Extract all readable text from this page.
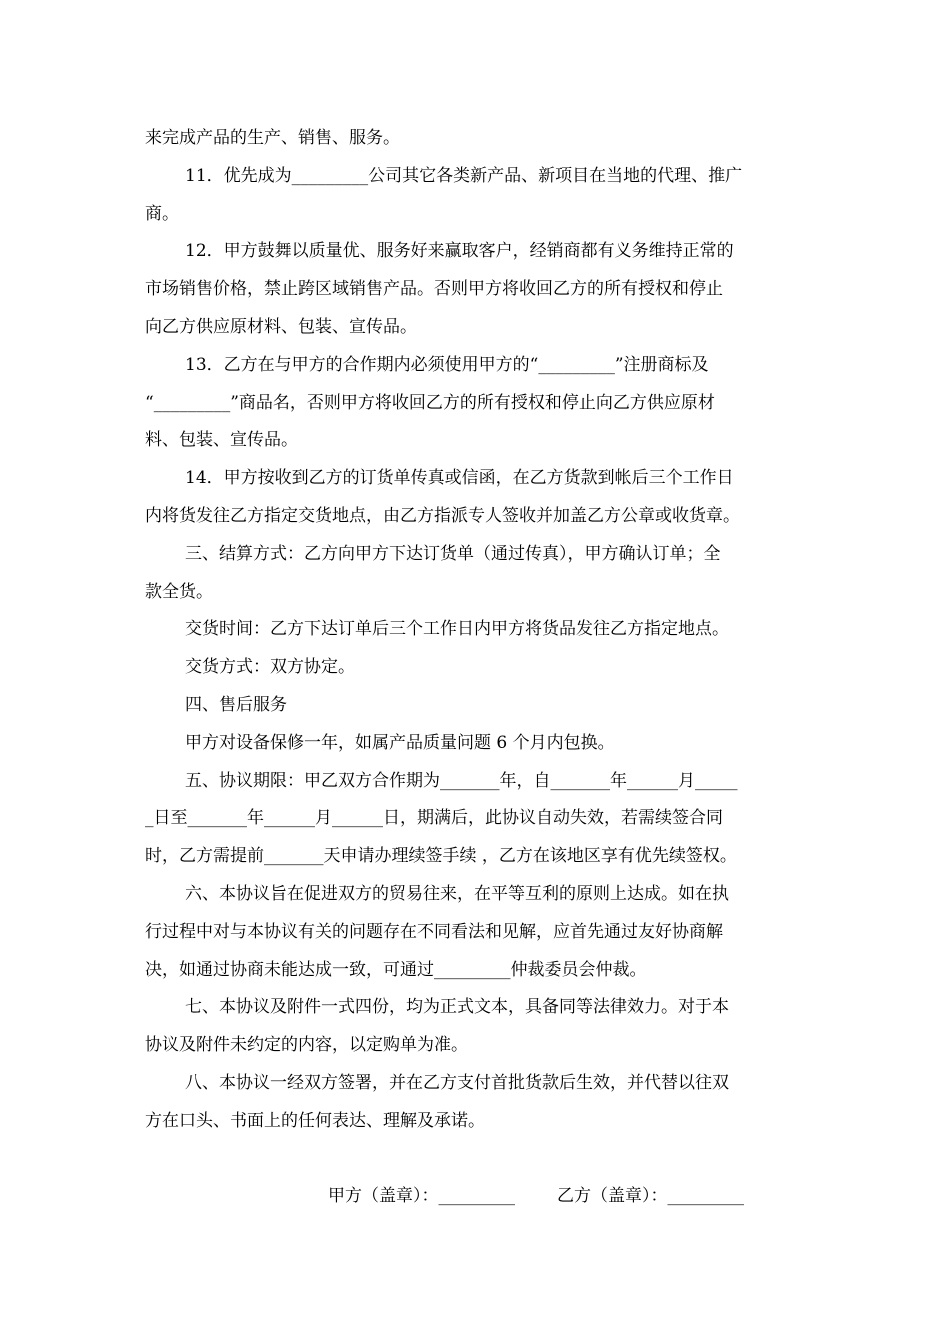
来完成产品的生产、销售、服务。
11．优先成为_________公司其它各类新产品、新项目在当地的代理、推广
商。
12．甲方鼓舞以质量优、服务好来赢取客户，经销商都有义务维持正常的
市场销售价格，禁止跨区域销售产品。否则甲方将收回乙方的所有授权和停止
向乙方供应原材料、包装、宣传品。
13．乙方在与甲方的合作期内必须使用甲方的“_________”注册商标及
“_________”商品名，否则甲方将收回乙方的所有授权和停止向乙方供应原材
料、包装、宣传品。
14．甲方按收到乙方的订货单传真或信函，在乙方货款到帐后三个工作日
内将货发往乙方指定交货地点，由乙方指派专人签收并加盖乙方公章或收货章。
三、结算方式：乙方向甲方下达订货单（通过传真），甲方确认订单；全
款全货。
交货时间：乙方下达订单后三个工作日内甲方将货品发往乙方指定地点。
交货方式：双方协定。
四、售后服务
甲方对设备保修一年，如属产品质量问题 6 个月内包换。
五、协议期限：甲乙双方合作期为_______年，自_______年______月_____
_日至_______年______月______日，期满后，此协议自动失效，若需续签合同
时，乙方需提前_______天申请办理续签手续 ，乙方在该地区享有优先续签权。
六、本协议旨在促进双方的贸易往来，在平等互利的原则上达成。如在执
行过程中对与本协议有关的问题存在不同看法和见解，应首先通过友好协商解
决，如通过协商未能达成一致，可通过_________仲裁委员会仲裁。
七、本协议及附件一式四份，均为正式文本，具备同等法律效力。对于本
协议及附件未约定的内容，以定购单为准。
八、本协议一经双方签署，并在乙方支付首批货款后生效，并代替以往双
方在口头、书面上的任何表达、理解及承诺。
甲方（盖章）：_________ 乙方（盖章）：_________
